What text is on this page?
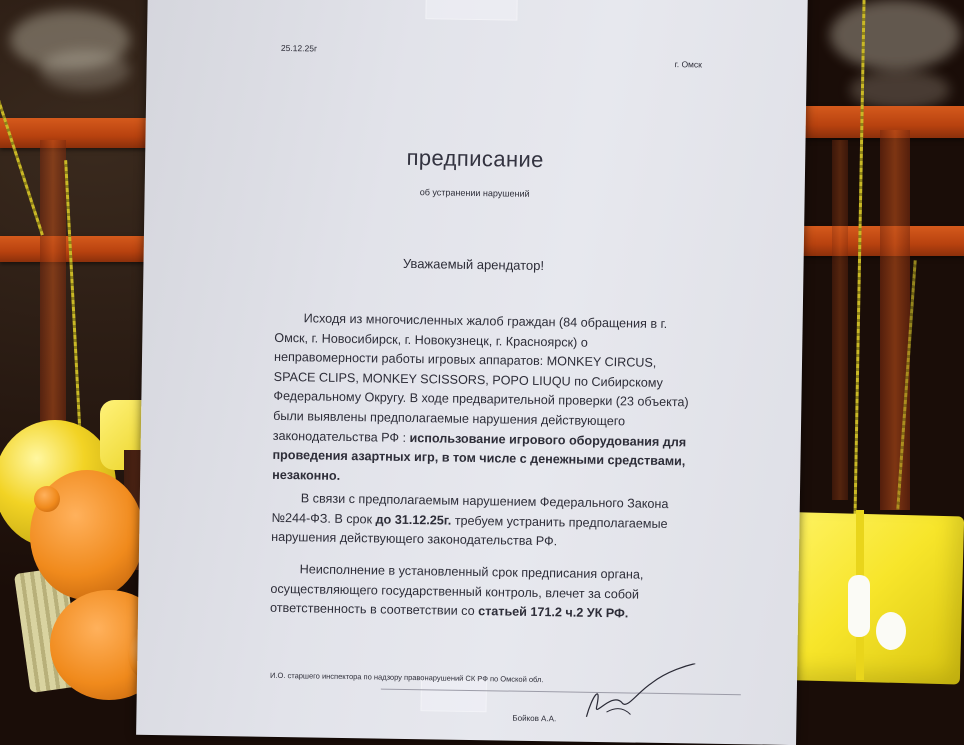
25.12.25г
г. Омск
предписание
об устранении нарушений
Уважаемый арендатор!

Исходя из многочисленных жалоб граждан (84 обращения в г. Омск, г. Новосибирск, г. Новокузнецк, г. Красноярск) о неправомерности работы игровых аппаратов: MONKEY CIRCUS, SPACE CLIPS, MONKEY SCISSORS, POPO LIUQU по Сибирскому Федеральному Округу. В ходе предварительной проверки (23 объекта) были выявлены предполагаемые нарушения действующего законодательства РФ : использование игрового оборудования для проведения азартных игр, в том числе с денежными средствами, незаконно.

В связи с предполагаемым нарушением Федерального Закона №244-ФЗ. В срок до 31.12.25г. требуем устранить предполагаемые нарушения действующего законодательства РФ.

Неисполнение в установленный срок предписания органа, осуществляющего государственный контроль, влечет за собой ответственность в соответствии со статьей 171.2 ч.2 УК РФ.

И.О. старшего инспектора по надзору правонарушений СК РФ по Омской обл.
Бойков А.А.
